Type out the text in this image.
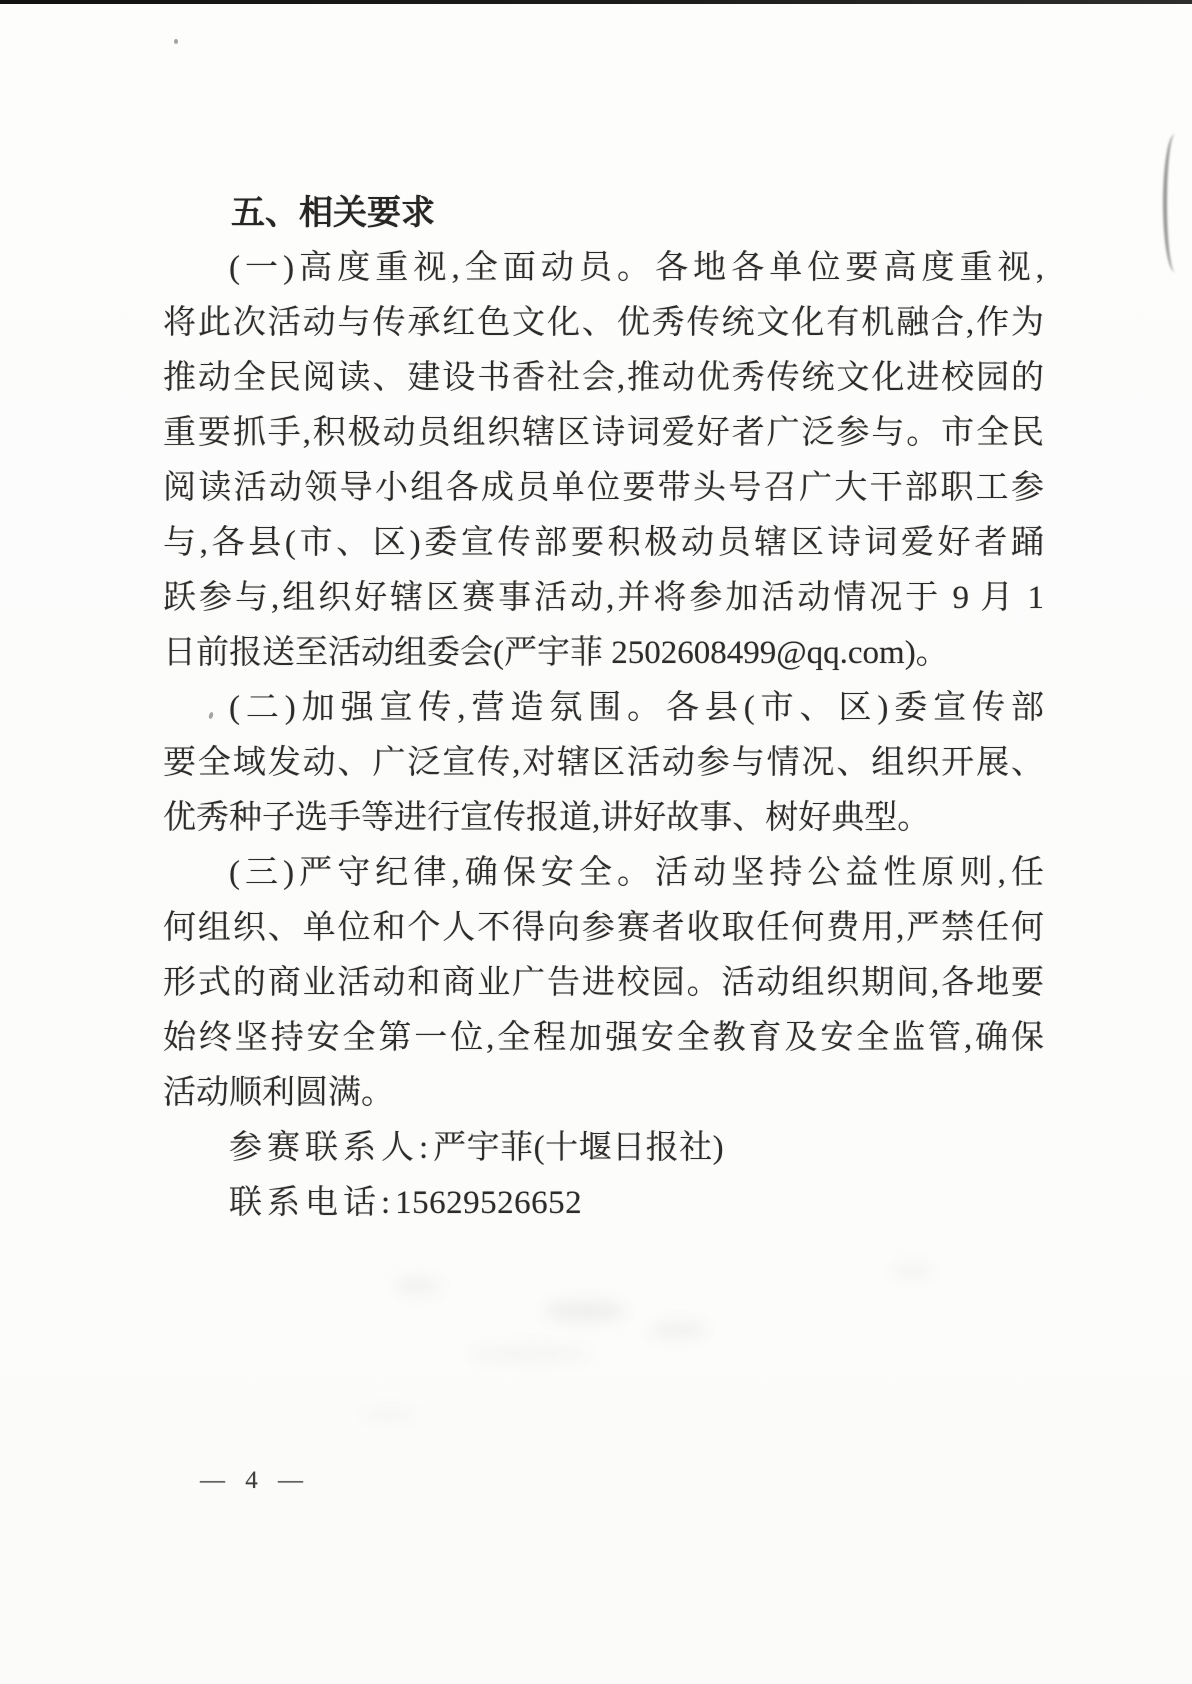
五、相关要求
(一)高度重视,全面动员。各地各单位要高度重视,
将此次活动与传承红色文化、优秀传统文化有机融合,作为
推动全民阅读、建设书香社会,推动优秀传统文化进校园的
重要抓手,积极动员组织辖区诗词爱好者广泛参与。市全民
阅读活动领导小组各成员单位要带头号召广大干部职工参
与,各县(市、区)委宣传部要积极动员辖区诗词爱好者踊
跃参与,组织好辖区赛事活动,并将参加活动情况于 9 月 1
日前报送至活动组委会(严宇菲 2502608499@qq.com)。
(二)加强宣传,营造氛围。各县(市、区)委宣传部
要全域发动、广泛宣传,对辖区活动参与情况、组织开展、
优秀种子选手等进行宣传报道,讲好故事、树好典型。
(三)严守纪律,确保安全。活动坚持公益性原则,任
何组织、单位和个人不得向参赛者收取任何费用,严禁任何
形式的商业活动和商业广告进校园。活动组织期间,各地要
始终坚持安全第一位,全程加强安全教育及安全监管,确保
活动顺利圆满。
参赛联系人:严宇菲(十堰日报社)
联系电话:15629526652
— 4 —
